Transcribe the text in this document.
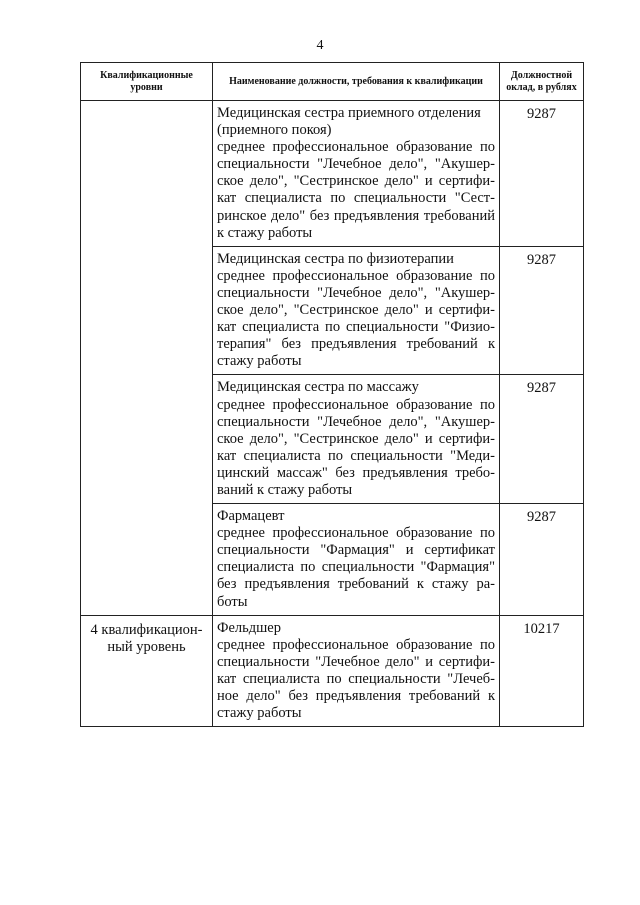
4
Квалификационные уровни	Наименование должности, требования к квалификации	Должностной оклад, в рублях

	Медицинская сестра приемного отделения (приемного покоя)
среднее профессиональное образование по специальности "Лечебное дело", "Акушерское дело", "Сестринское дело" и сертификат специалиста по специальности "Сестринское дело" без предъявления требований к стажу работы	9287

	Медицинская сестра по физиотерапии
среднее профессиональное образование по специальности "Лечебное дело", "Акушерское дело", "Сестринское дело" и сертификат специалиста по специальности "Физиотерапия" без предъявления требований к стажу работы	9287

	Медицинская сестра по массажу
среднее профессиональное образование по специальности "Лечебное дело", "Акушерское дело", "Сестринское дело" и сертификат специалиста по специальности "Медицинский массаж" без предъявления требований к стажу работы	9287

	Фармацевт
среднее профессиональное образование по специальности "Фармация" и сертификат специалиста по специальности "Фармация" без предъявления требований к стажу работы	9287

4 квалификационный уровень	Фельдшер
среднее профессиональное образование по специальности "Лечебное дело" и сертификат специалиста по специальности "Лечебное дело" без предъявления требований к стажу работы	10217
